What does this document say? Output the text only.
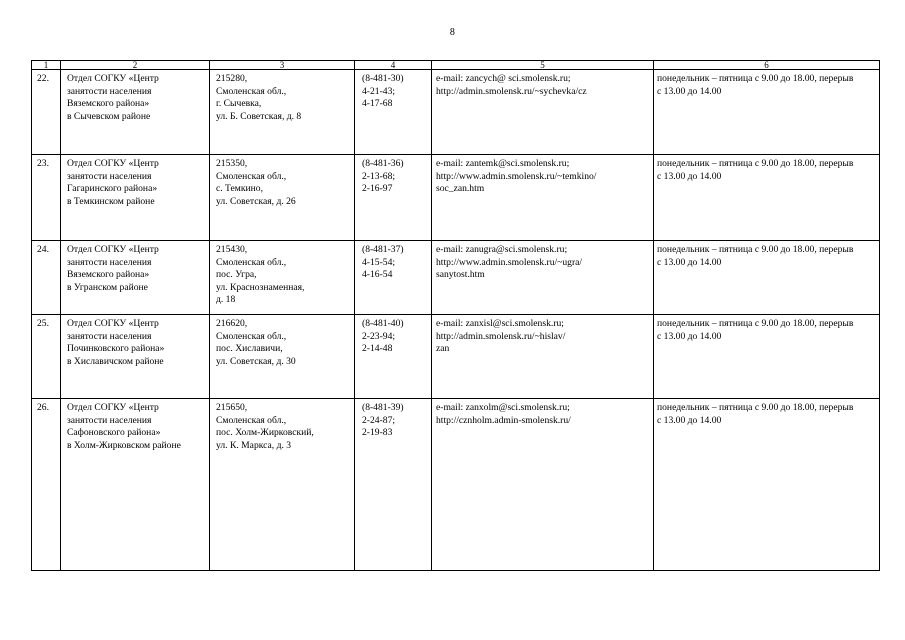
8
1	2	3	4	5	6
22.	Отдел СОГКУ «Центр
занятости населения
Вяземского района»
в Сычевском районе	215280,
Смоленская обл.,
г. Сычевка,
ул. Б. Советская, д. 8	(8-481-30)
4-21-43;
4-17-68	e-mail: zancych@ sci.smolensk.ru;
http://admin.smolensk.ru/~sychevka/cz	понедельник – пятница с 9.00 до 18.00, перерыв
с 13.00 до 14.00

23.	Отдел СОГКУ «Центр
занятости населения
Гагаринского района»
в Темкинском районе	215350,
Смоленская обл.,
с. Темкино,
ул. Советская, д. 26	(8-481-36)
2-13-68;
2-16-97	e-mail: zantemk@sci.smolensk.ru;
http://www.admin.smolensk.ru/~temkino/
soc_zan.htm	понедельник – пятница с 9.00 до 18.00, перерыв
с 13.00 до 14.00

24.	Отдел СОГКУ «Центр
занятости населения
Вяземского района»
в Угранском районе	215430,
Смоленская обл.,
пос. Угра,
ул. Краснознаменная,
д. 18	(8-481-37)
4-15-54;
4-16-54	e-mail: zanugra@sci.smolensk.ru;
http://www.admin.smolensk.ru/~ugra/
sanytost.htm	понедельник – пятница с 9.00 до 18.00, перерыв
с 13.00 до 14.00

25.	Отдел СОГКУ «Центр
занятости населения
Починковского района»
в Хиславичском районе	216620,
Смоленская обл.,
пос. Хиславичи,
ул. Советская, д. 30	(8-481-40)
2-23-94;
2-14-48	e-mail: zanxisl@sci.smolensk.ru;
http://admin.smolensk.ru/~hislav/
zan	понедельник – пятница с 9.00 до 18.00, перерыв
с 13.00 до 14.00

26.	Отдел СОГКУ «Центр
занятости населения
Сафоновского района»
в Холм-Жирковском районе	215650,
Смоленская обл.,
пос. Холм-Жирковский,
ул. К. Маркса, д. 3	(8-481-39)
2-24-87;
2-19-83	e-mail: zanxolm@sci.smolensk.ru;
http://cznholm.admin-smolensk.ru/	понедельник – пятница с 9.00 до 18.00, перерыв
с 13.00 до 14.00
